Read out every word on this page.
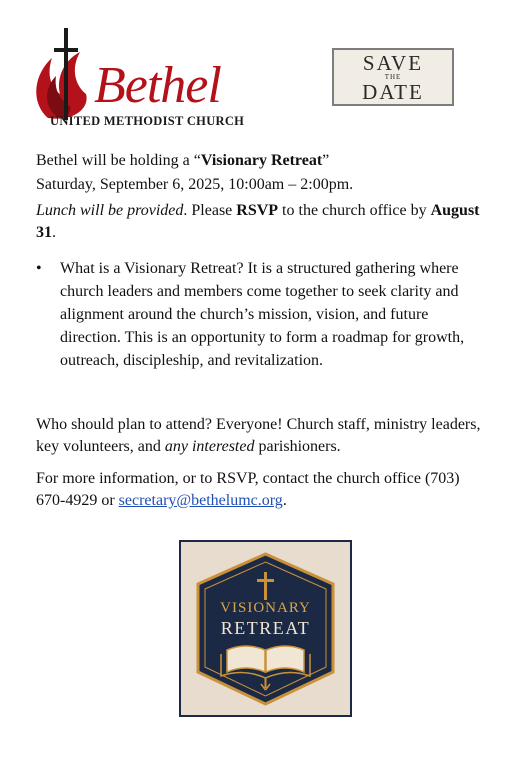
Bethel
UNITED METHODIST CHURCH
SAVE
THE
DATE
Bethel will be holding a “Visionary Retreat”
Saturday, September 6, 2025, 10:00am – 2:00pm.
Lunch will be provided. Please RSVP to the church office by August 31.
• What is a Visionary Retreat? It is a structured gathering where church leaders and members come together to seek clarity and alignment around the church’s mission, vision, and future direction. This is an opportunity to form a roadmap for growth, outreach, discipleship, and revitalization.
Who should plan to attend? Everyone! Church staff, ministry leaders, key volunteers, and any interested parishioners.
For more information, or to RSVP, contact the church office (703) 670-4929 or secretary@bethelumc.org.
VISIONARY
RETREAT
